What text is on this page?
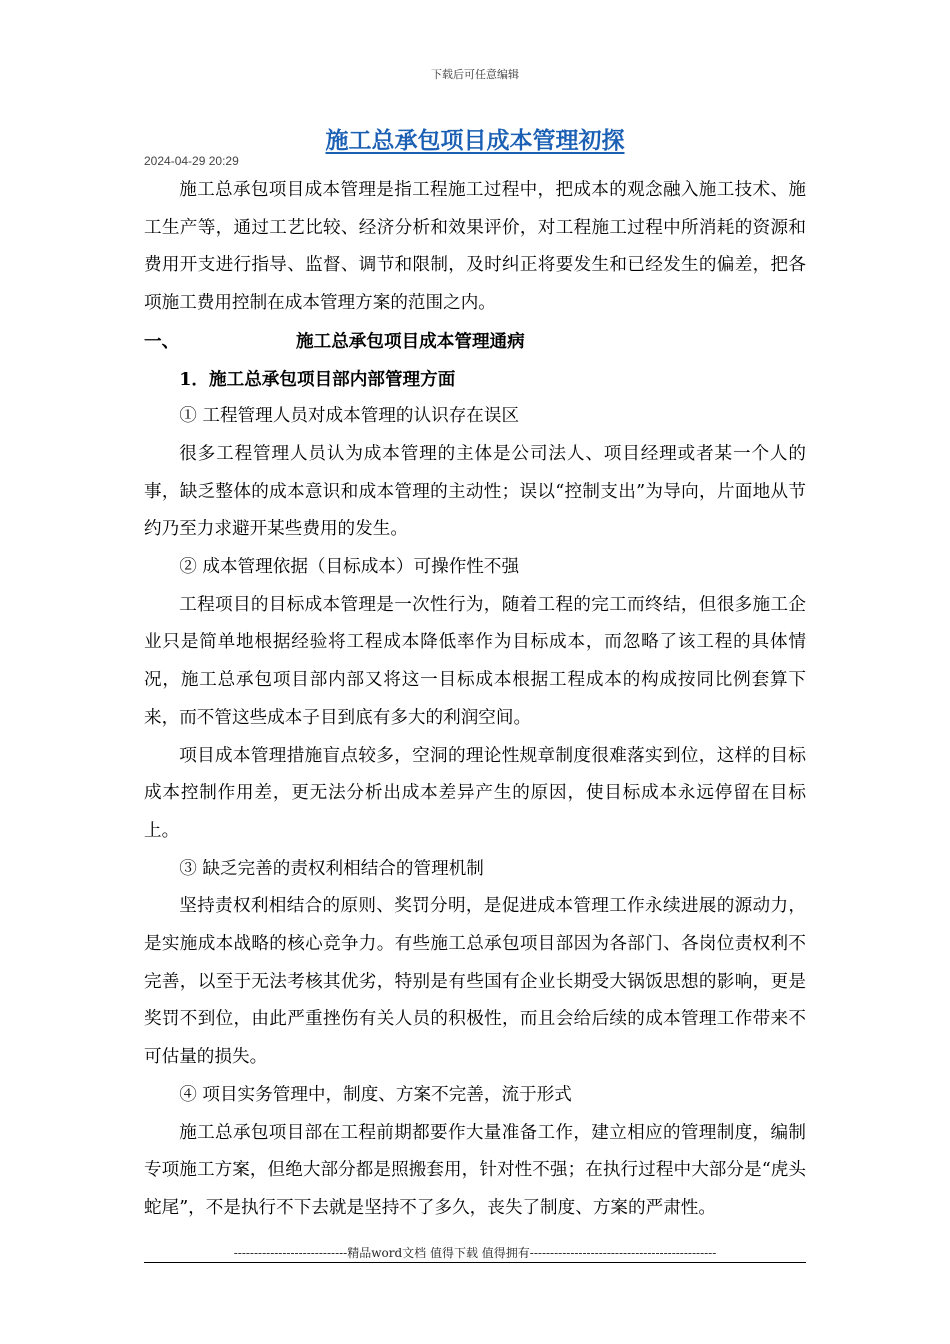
下载后可任意编辑
施工总承包项目成本管理初探
2024-04-29 20:29

施工总承包项目成本管理是指工程施工过程中，把成本的观念融入施工技术、施工生产等，通过工艺比较、经济分析和效果评价，对工程施工过程中所消耗的资源和费用开支进行指导、监督、调节和限制，及时纠正将要发生和已经发生的偏差，把各项施工费用控制在成本管理方案的范围之内。

一、	施工总承包项目成本管理通病

1．施工总承包项目部内部管理方面

① 工程管理人员对成本管理的认识存在误区

很多工程管理人员认为成本管理的主体是公司法人、项目经理或者某一个人的事，缺乏整体的成本意识和成本管理的主动性；误以“控制支出”为导向，片面地从节约乃至力求避开某些费用的发生。

② 成本管理依据（目标成本）可操作性不强

工程项目的目标成本管理是一次性行为，随着工程的完工而终结，但很多施工企业只是简单地根据经验将工程成本降低率作为目标成本，而忽略了该工程的具体情况，施工总承包项目部内部又将这一目标成本根据工程成本的构成按同比例套算下来，而不管这些成本子目到底有多大的利润空间。

项目成本管理措施盲点较多，空洞的理论性规章制度很难落实到位，这样的目标成本控制作用差，更无法分析出成本差异产生的原因，使目标成本永远停留在目标上。

③ 缺乏完善的责权利相结合的管理机制

坚持责权利相结合的原则、奖罚分明，是促进成本管理工作永续进展的源动力，是实施成本战略的核心竞争力。有些施工总承包项目部因为各部门、各岗位责权利不完善，以至于无法考核其优劣，特别是有些国有企业长期受大锅饭思想的影响，更是奖罚不到位，由此严重挫伤有关人员的积极性，而且会给后续的成本管理工作带来不可估量的损失。

④ 项目实务管理中，制度、方案不完善，流于形式

施工总承包项目部在工程前期都要作大量准备工作，建立相应的管理制度，编制专项施工方案，但绝大部分都是照搬套用，针对性不强；在执行过程中大部分是“虎头蛇尾”，不是执行不下去就是坚持不了多久，丧失了制度、方案的严肃性。

----------------------------精品word文档 值得下载 值得拥有----------------------------------------------
